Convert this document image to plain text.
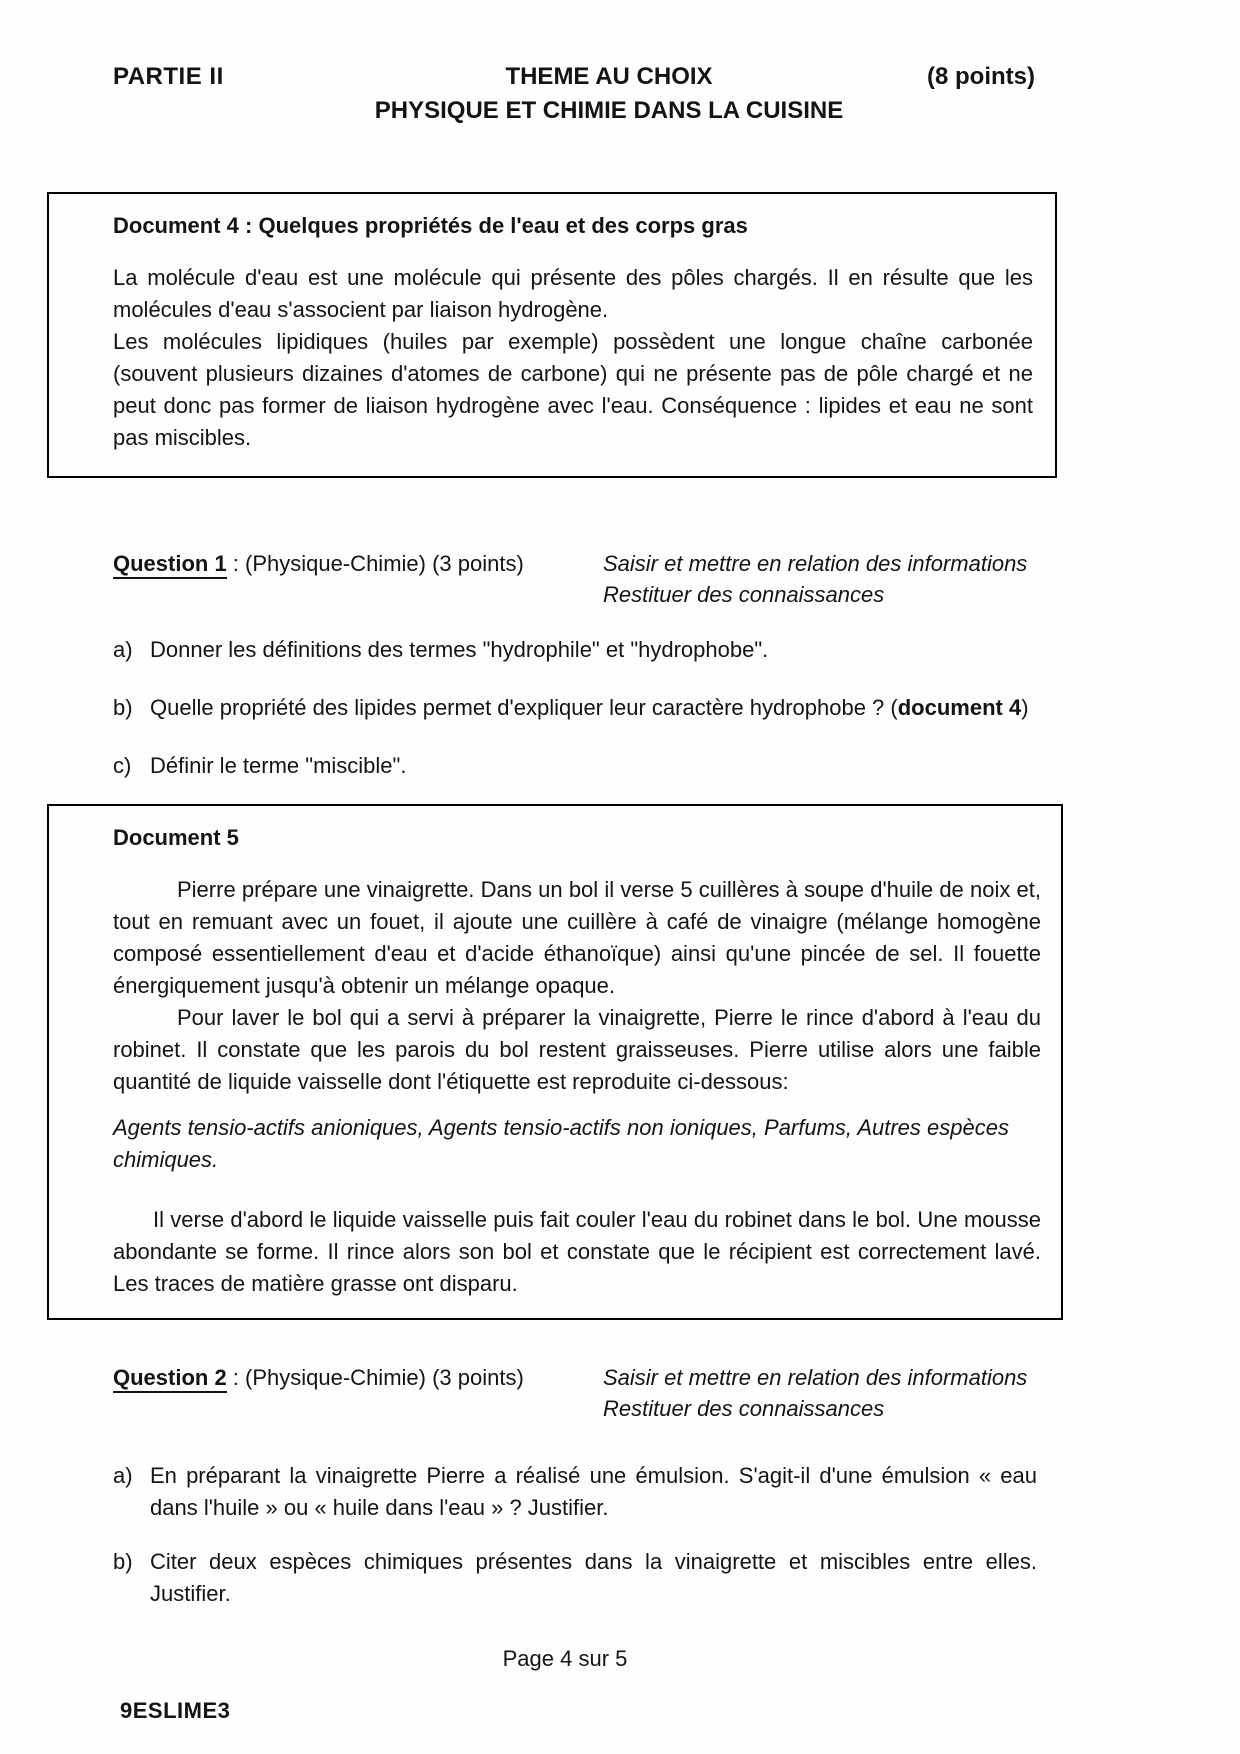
PARTIE II	THEME AU CHOIX
PHYSIQUE ET CHIMIE DANS LA CUISINE
(8 points)

Document 4 : Quelques propriétés de l'eau et des corps gras

La molécule d'eau est une molécule qui présente des pôles chargés. Il en résulte que les molécules d'eau s'associent par liaison hydrogène.

Les molécules lipidiques (huiles par exemple) possèdent une longue chaîne carbonée (souvent plusieurs dizaines d'atomes de carbone) qui ne présente pas de pôle chargé et ne peut donc pas former de liaison hydrogène avec l'eau. Conséquence : lipides et eau ne sont pas miscibles.

Question 1 : (Physique-Chimie) (3 points)	Saisir et mettre en relation des informations
Restituer des connaissances
a) Donner les définitions des termes "hydrophile" et "hydrophobe".
b) Quelle propriété des lipides permet d'expliquer leur caractère hydrophobe ? (document 4)
c) Définir le terme "miscible".

Document 5

Pierre prépare une vinaigrette. Dans un bol il verse 5 cuillères à soupe d'huile de noix et, tout en remuant avec un fouet, il ajoute une cuillère à café de vinaigre (mélange homogène composé essentiellement d'eau et d'acide éthanoïque) ainsi qu'une pincée de sel. Il fouette énergiquement jusqu'à obtenir un mélange opaque.

Pour laver le bol qui a servi à préparer la vinaigrette, Pierre le rince d'abord à l'eau du robinet. Il constate que les parois du bol restent graisseuses. Pierre utilise alors une faible quantité de liquide vaisselle dont l'étiquette est reproduite ci-dessous:

Agents tensio-actifs anioniques, Agents tensio-actifs non ioniques, Parfums, Autres espèces chimiques.

Il verse d'abord le liquide vaisselle puis fait couler l'eau du robinet dans le bol. Une mousse abondante se forme. Il rince alors son bol et constate que le récipient est correctement lavé. Les traces de matière grasse ont disparu.

Question 2 : (Physique-Chimie) (3 points)	Saisir et mettre en relation des informations
Restituer des connaissances
a) En préparant la vinaigrette Pierre a réalisé une émulsion. S'agit-il d'une émulsion « eau dans l'huile » ou « huile dans l'eau » ? Justifier.
b) Citer deux espèces chimiques présentes dans la vinaigrette et miscibles entre elles. Justifier.
Page 4 sur 5
9ESLIME3
